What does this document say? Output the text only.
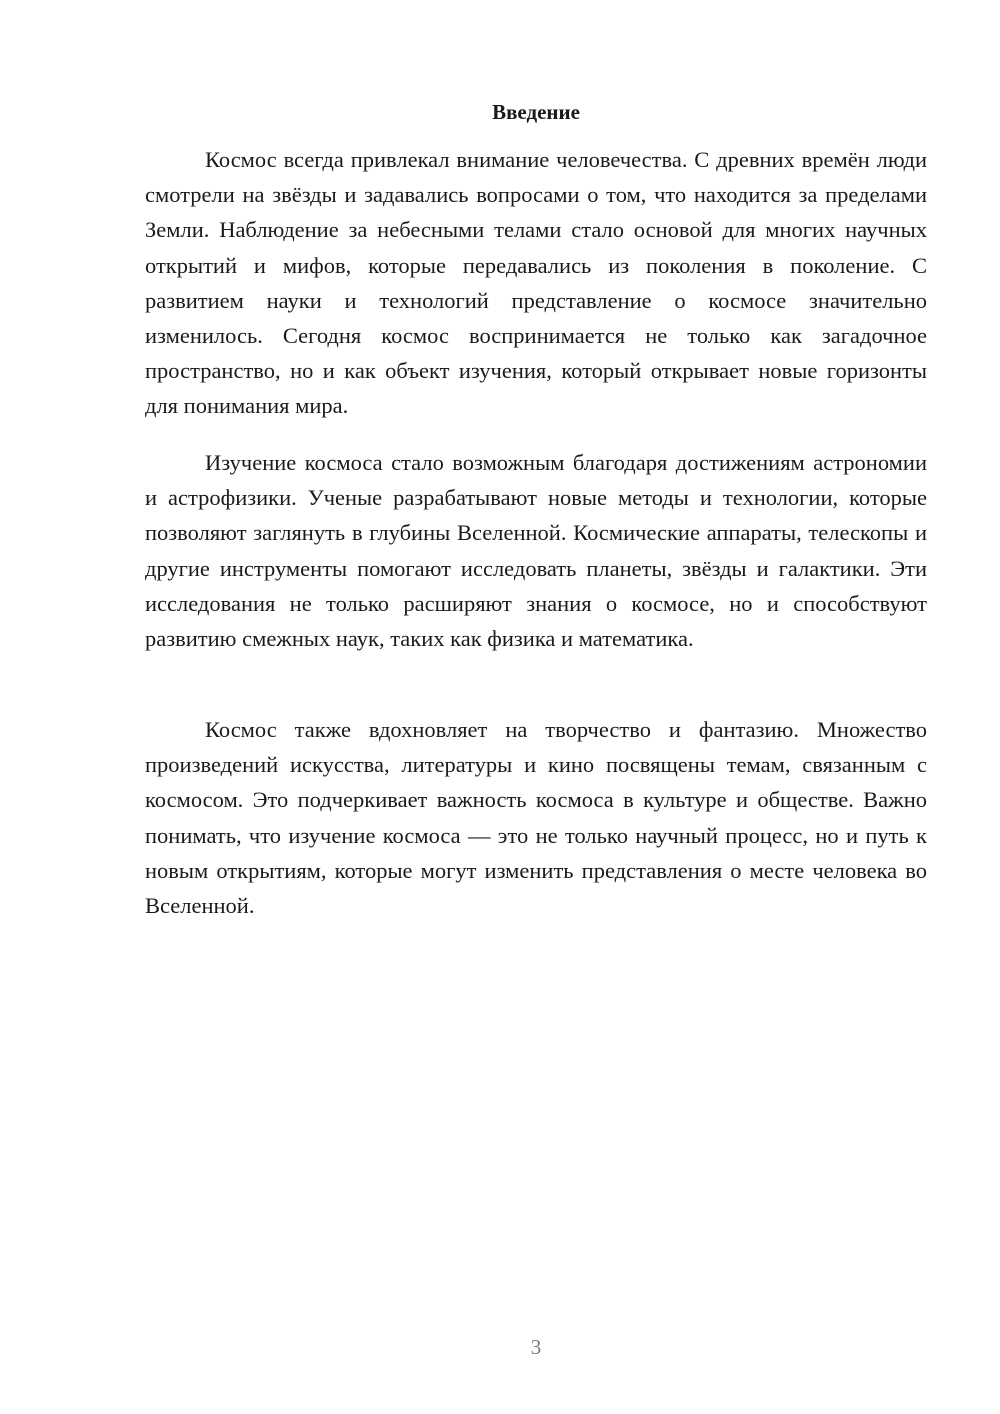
Введение

Космос всегда привлекал внимание человечества. С древних времён люди смотрели на звёзды и задавались вопросами о том, что находится за пределами Земли. Наблюдение за небесными телами стало основой для многих научных открытий и мифов, которые передавались из поколения в поколение. С развитием науки и технологий представление о космосе значительно изменилось. Сегодня космос воспринимается не только как загадочное пространство, но и как объект изучения, который открывает новые горизонты для понимания мира.

Изучение космоса стало возможным благодаря достижениям астрономии и астрофизики. Ученые разрабатывают новые методы и технологии, которые позволяют заглянуть в глубины Вселенной. Космические аппараты, телескопы и другие инструменты помогают исследовать планеты, звёзды и галактики. Эти исследования не только расширяют знания о космосе, но и способствуют развитию смежных наук, таких как физика и математика.

Космос также вдохновляет на творчество и фантазию. Множество произведений искусства, литературы и кино посвящены темам, связанным с космосом. Это подчеркивает важность космоса в культуре и обществе. Важно понимать, что изучение космоса — это не только научный процесс, но и путь к новым открытиям, которые могут изменить представления о месте человека во Вселенной.

3
